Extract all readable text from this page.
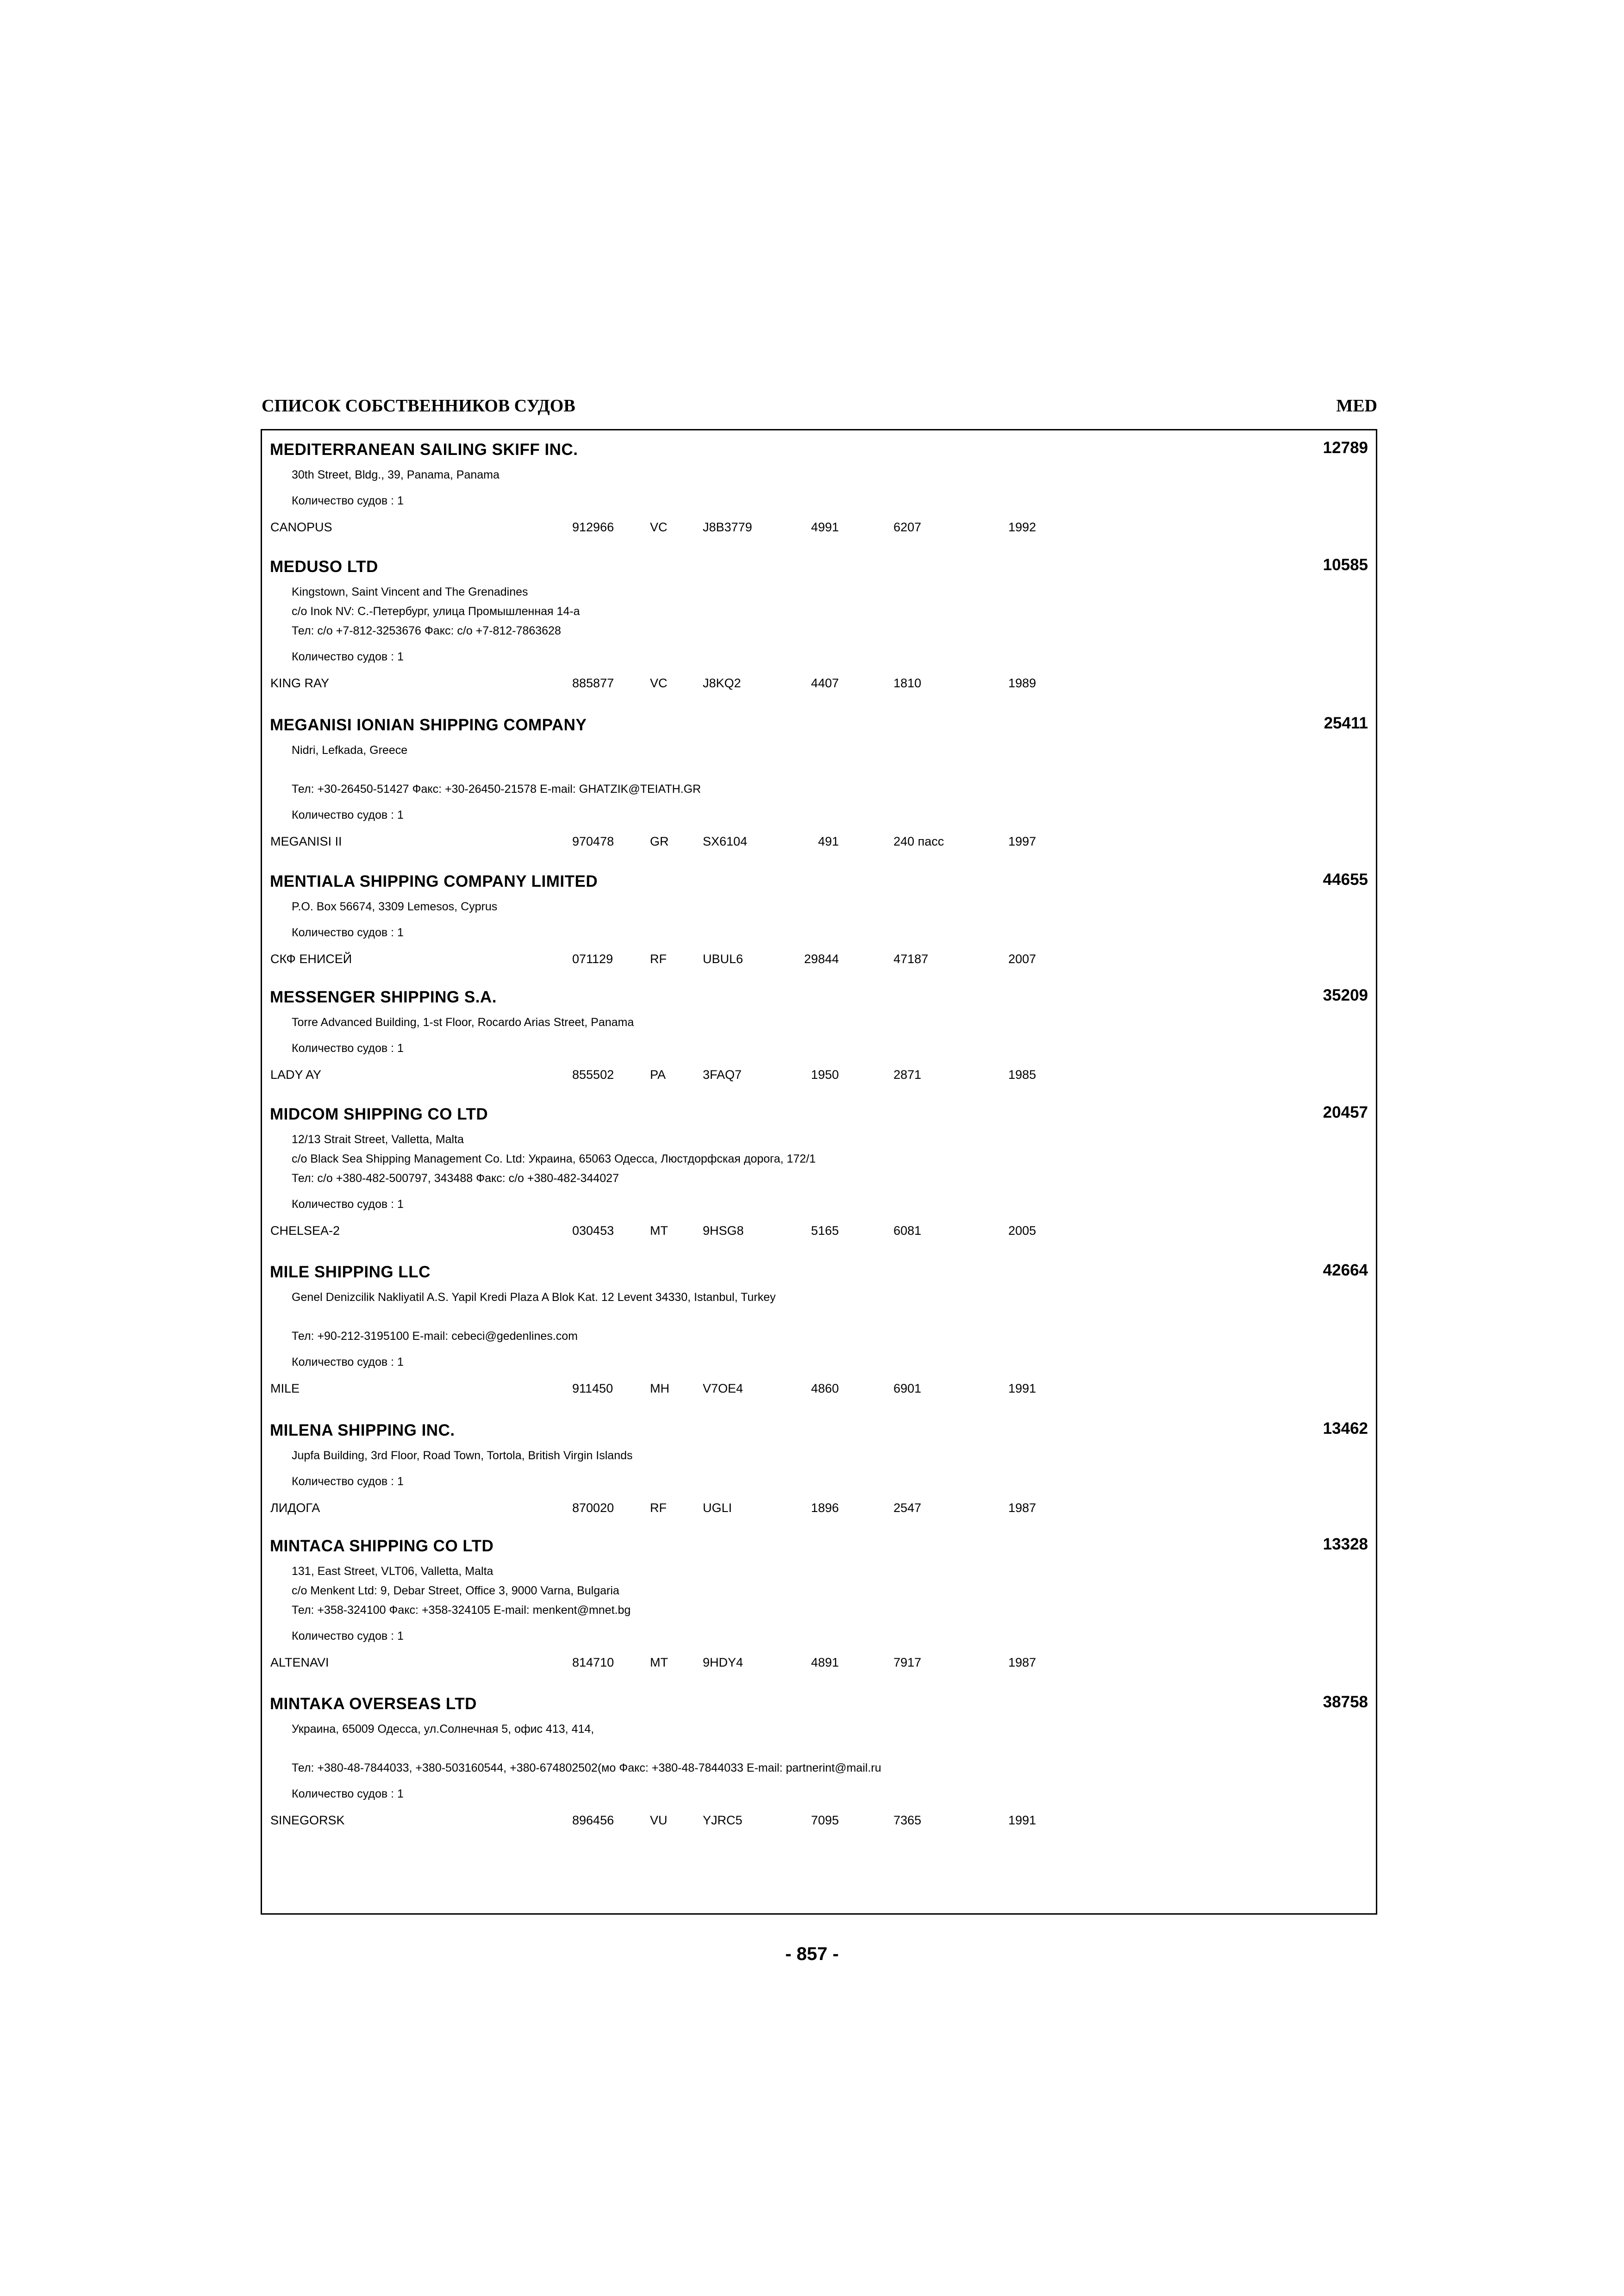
СПИСОК СОБСТВЕННИКОВ СУДОВ	MED
MEDITERRANEAN SAILING SKIFF INC.	12789
30th Street, Bldg., 39, Panama, Panama
Количество судов : 1
CANOPUS	912966	VC	J8B3779	4991	6207	1992
MEDUSO LTD	10585
Kingstown, Saint Vincent and The Grenadines
c/o Inok NV: С.-Петербург, улица Промышленная 14-а
Тел: c/o +7-812-3253676 Факс: c/o +7-812-7863628
Количество судов : 1
KING RAY	885877	VC	J8KQ2	4407	1810	1989
MEGANISI IONIAN SHIPPING COMPANY	25411
Nidri, Lefkada, Greece
Тел: +30-26450-51427 Факс: +30-26450-21578 E-mail: GHATZIK@TEIATH.GR
Количество судов : 1
MEGANISI II	970478	GR	SX6104	491	240 пасс	1997
MENTIALA SHIPPING COMPANY LIMITED	44655
P.O. Box 56674, 3309 Lemesos, Cyprus
Количество судов : 1
СКФ ЕНИСЕЙ	071129	RF	UBUL6	29844	47187	2007
MESSENGER SHIPPING S.A.	35209
Torre Advanced Building, 1-st Floor, Rocardo Arias Street, Panama
Количество судов : 1
LADY AY	855502	PA	3FAQ7	1950	2871	1985
MIDCOM SHIPPING CO LTD	20457
12/13 Strait Street, Valletta, Malta
c/o Black Sea Shipping Management Co. Ltd: Украина, 65063 Одесса, Люстдорфская дорога, 172/1
Тел: c/o +380-482-500797, 343488 Факс: c/o +380-482-344027
Количество судов : 1
CHELSEA-2	030453	MT	9HSG8	5165	6081	2005
MILE SHIPPING LLC	42664
Genel Denizcilik Nakliyatil A.S. Yapil Kredi Plaza A Blok Kat. 12 Levent 34330, Istanbul, Turkey
Тел: +90-212-3195100 E-mail: cebeci@gedenlines.com
Количество судов : 1
MILE	911450	MH	V7OE4	4860	6901	1991
MILENA SHIPPING INC.	13462
Jupfa Building, 3rd Floor, Road Town, Tortola, British Virgin Islands
Количество судов : 1
ЛИДОГА	870020	RF	UGLI	1896	2547	1987
MINTACA SHIPPING CO LTD	13328
131, East Street, VLT06, Valletta, Malta
c/o Menkent Ltd: 9, Debar Street, Office 3, 9000 Varna, Bulgaria
Тел: +358-324100 Факс: +358-324105 E-mail: menkent@mnet.bg
Количество судов : 1
ALTENAVI	814710	MT	9HDY4	4891	7917	1987
MINTAKA OVERSEAS LTD	38758
Украина, 65009 Одесса, ул.Солнечная 5, офис 413, 414,
Тел: +380-48-7844033, +380-503160544, +380-674802502(мо Факс: +380-48-7844033 E-mail: partnerint@mail.ru
Количество судов : 1
SINEGORSK	896456	VU	YJRC5	7095	7365	1991
- 857 -
